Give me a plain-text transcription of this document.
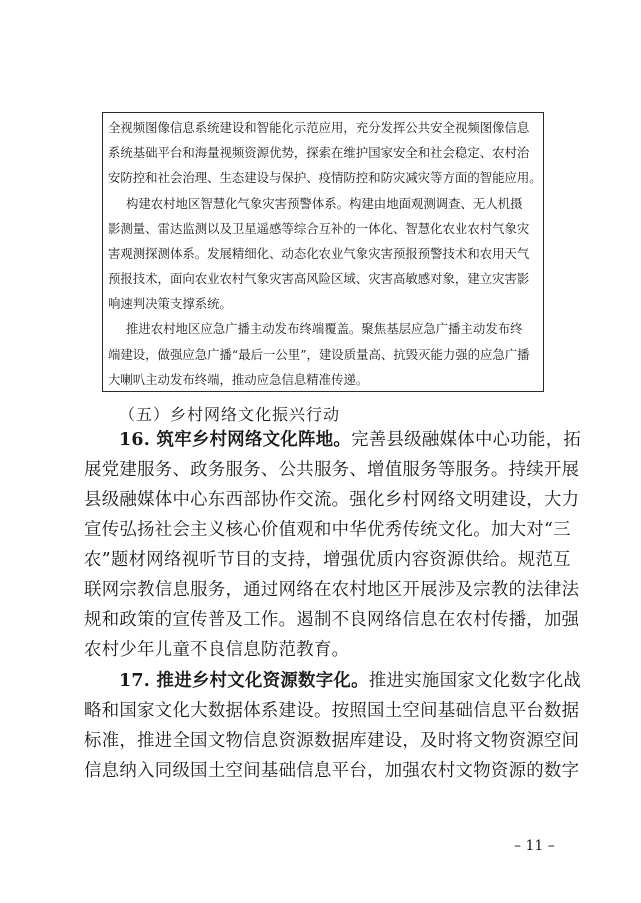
全视频图像信息系统建设和智能化示范应用，充分发挥公共安全视频图像信息
系统基础平台和海量视频资源优势，探索在维护国家安全和社会稳定、农村治
安防控和社会治理、生态建设与保护、疫情防控和防灾减灾等方面的智能应用。
构建农村地区智慧化气象灾害预警体系。构建由地面观测调查、无人机摄
影测量、雷达监测以及卫星遥感等综合互补的一体化、智慧化农业农村气象灾
害观测探测体系。发展精细化、动态化农业气象灾害预报预警技术和农用天气
预报技术，面向农业农村气象灾害高风险区域、灾害高敏感对象，建立灾害影
响速判决策支撑系统。
推进农村地区应急广播主动发布终端覆盖。聚焦基层应急广播主动发布终
端建设，做强应急广播“最后一公里”，建设质量高、抗毁灭能力强的应急广播
大喇叭主动发布终端，推动应急信息精准传递。
（五）乡村网络文化振兴行动
16. 筑牢乡村网络文化阵地。完善县级融媒体中心功能，拓
展党建服务、政务服务、公共服务、增值服务等服务。持续开展
县级融媒体中心东西部协作交流。强化乡村网络文明建设，大力
宣传弘扬社会主义核心价值观和中华优秀传统文化。加大对“三
农”题材网络视听节目的支持，增强优质内容资源供给。规范互
联网宗教信息服务，通过网络在农村地区开展涉及宗教的法律法
规和政策的宣传普及工作。遏制不良网络信息在农村传播，加强
农村少年儿童不良信息防范教育。
17. 推进乡村文化资源数字化。推进实施国家文化数字化战
略和国家文化大数据体系建设。按照国土空间基础信息平台数据
标准，推进全国文物信息资源数据库建设，及时将文物资源空间
信息纳入同级国土空间基础信息平台，加强农村文物资源的数字
– 11 –
